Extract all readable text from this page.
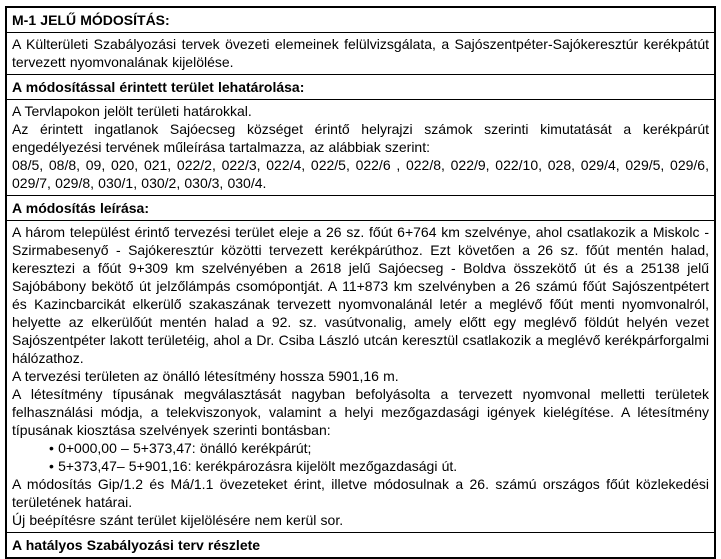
M-1 JELŰ MÓDOSÍTÁS:

A Külterületi Szabályozási tervek övezeti elemeinek felülvizsgálata, a Sajószentpéter-Sajókeresztúr kerékpátút tervezett nyomvonalának kijelölése.

A módosítással érintett terület lehatárolása:

A Tervlapokon jelölt területi határokkal.

Az érintett ingatlanok Sajóecseg községet érintő helyrajzi számok szerinti kimutatását a kerékpárút engedélyezési tervének műleírása tartalmazza, az alábbiak szerint:

08/5, 08/8, 09, 020, 021, 022/2, 022/3, 022/4, 022/5, 022/6 , 022/8, 022/9, 022/10, 028, 029/4, 029/5, 029/6, 029/7, 029/8, 030/1, 030/2, 030/3, 030/4.

A módosítás leírása:

A három települést érintő tervezési terület eleje a 26 sz. főút 6+764 km szelvénye, ahol csatlakozik a Miskolc - Szirmabesenyő - Sajókeresztúr közötti tervezett kerékpárúthoz. Ezt követően a 26 sz. főút mentén halad, keresztezi a főút 9+309 km szelvényében a 2618 jelű Sajóecseg - Boldva összekötő út és a 25138 jelű Sajóbábony bekötő út jelzőlámpás csomópontját. A 11+873 km szelvényben a 26 számú főút Sajószentpétert és Kazincbarcikát elkerülő szakaszának tervezett nyomvonalánál letér a meglévő főút menti nyomvonalról, helyette az elkerülőút mentén halad a 92. sz. vasútvonalig, amely előtt egy meglévő földút helyén vezet Sajószentpéter lakott területéig, ahol a Dr. Csiba László utcán keresztül csatlakozik a meglévő kerékpárforgalmi hálózathoz.

A tervezési területen az önálló létesítmény hossza 5901,16 m.

A létesítmény típusának megválasztását nagyban befolyásolta a tervezett nyomvonal melletti területek felhasználási módja, a telekviszonyok, valamint a helyi mezőgazdasági igények kielégítése. A létesítmény típusának kiosztása szelvények szerinti bontásban:

• 0+000,00 – 5+373,47: önálló kerékpárút;

• 5+373,47– 5+901,16: kerékpározásra kijelölt mezőgazdasági út.

A módosítás Gip/1.2 és Má/1.1 övezeteket érint, illetve módosulnak a 26. számú országos főút közlekedési területének határai.

Új beépítésre szánt terület kijelölésére nem kerül sor.

A hatályos Szabályozási terv részlete
